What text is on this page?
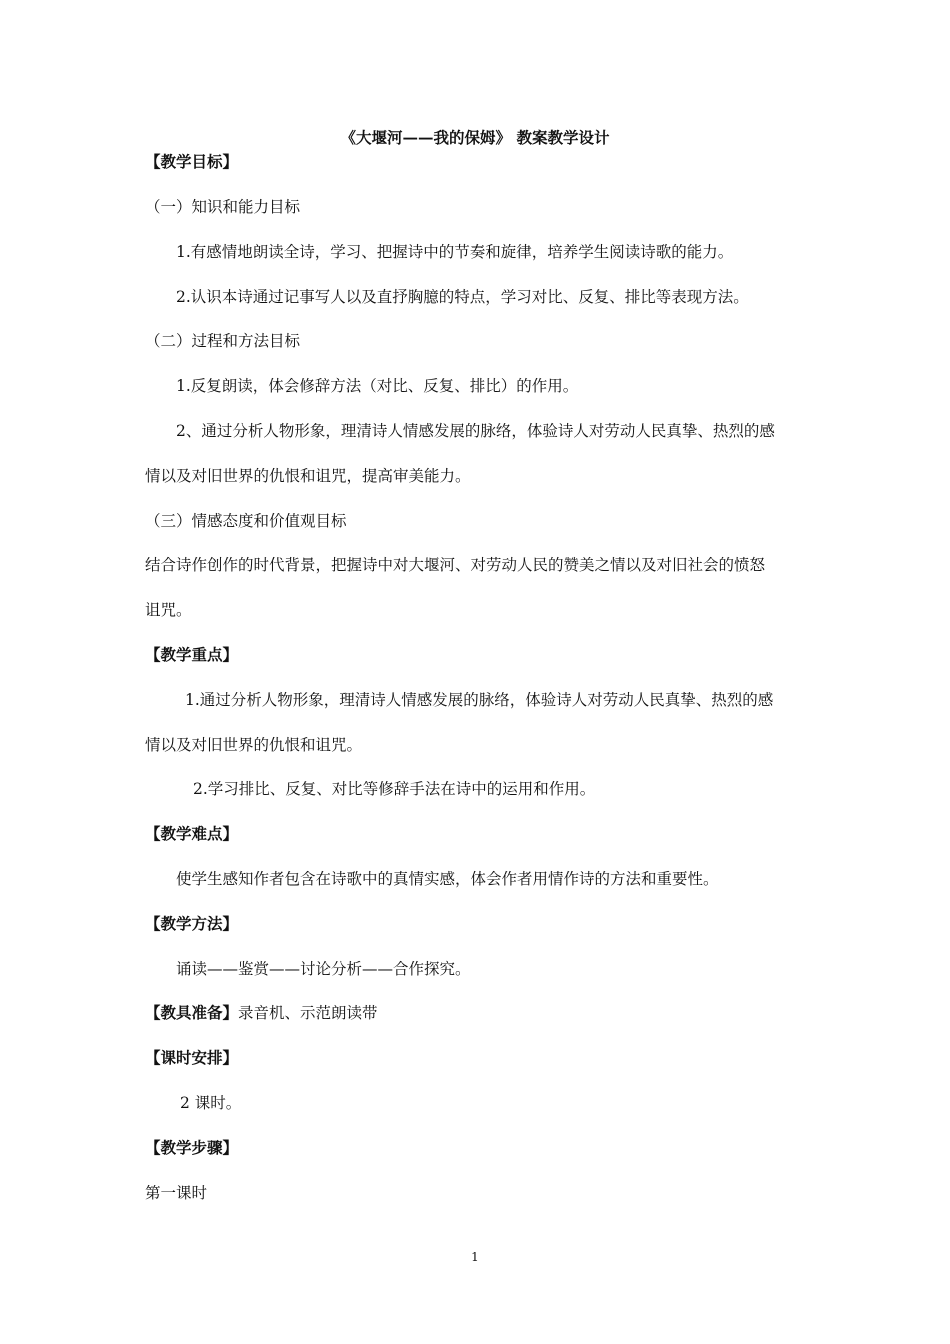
《大堰河——我的保姆》 教案教学设计
【教学目标】
（一）知识和能力目标
1.有感情地朗读全诗，学习、把握诗中的节奏和旋律，培养学生阅读诗歌的能力。
2.认识本诗通过记事写人以及直抒胸臆的特点，学习对比、反复、排比等表现方法。
（二）过程和方法目标
1.反复朗读，体会修辞方法（对比、反复、排比）的作用。
2、通过分析人物形象，理清诗人情感发展的脉络，体验诗人对劳动人民真挚、热烈的感
情以及对旧世界的仇恨和诅咒，提高审美能力。
（三）情感态度和价值观目标
结合诗作创作的时代背景，把握诗中对大堰河、对劳动人民的赞美之情以及对旧社会的愤怒
诅咒。
【教学重点】
1.通过分析人物形象，理清诗人情感发展的脉络，体验诗人对劳动人民真挚、热烈的感
情以及对旧世界的仇恨和诅咒。
2.学习排比、反复、对比等修辞手法在诗中的运用和作用。
【教学难点】
使学生感知作者包含在诗歌中的真情实感，体会作者用情作诗的方法和重要性。
【教学方法】
诵读——鉴赏——讨论分析——合作探究。
【教具准备】录音机、示范朗读带
【课时安排】
2 课时。
【教学步骤】
第一课时
1
